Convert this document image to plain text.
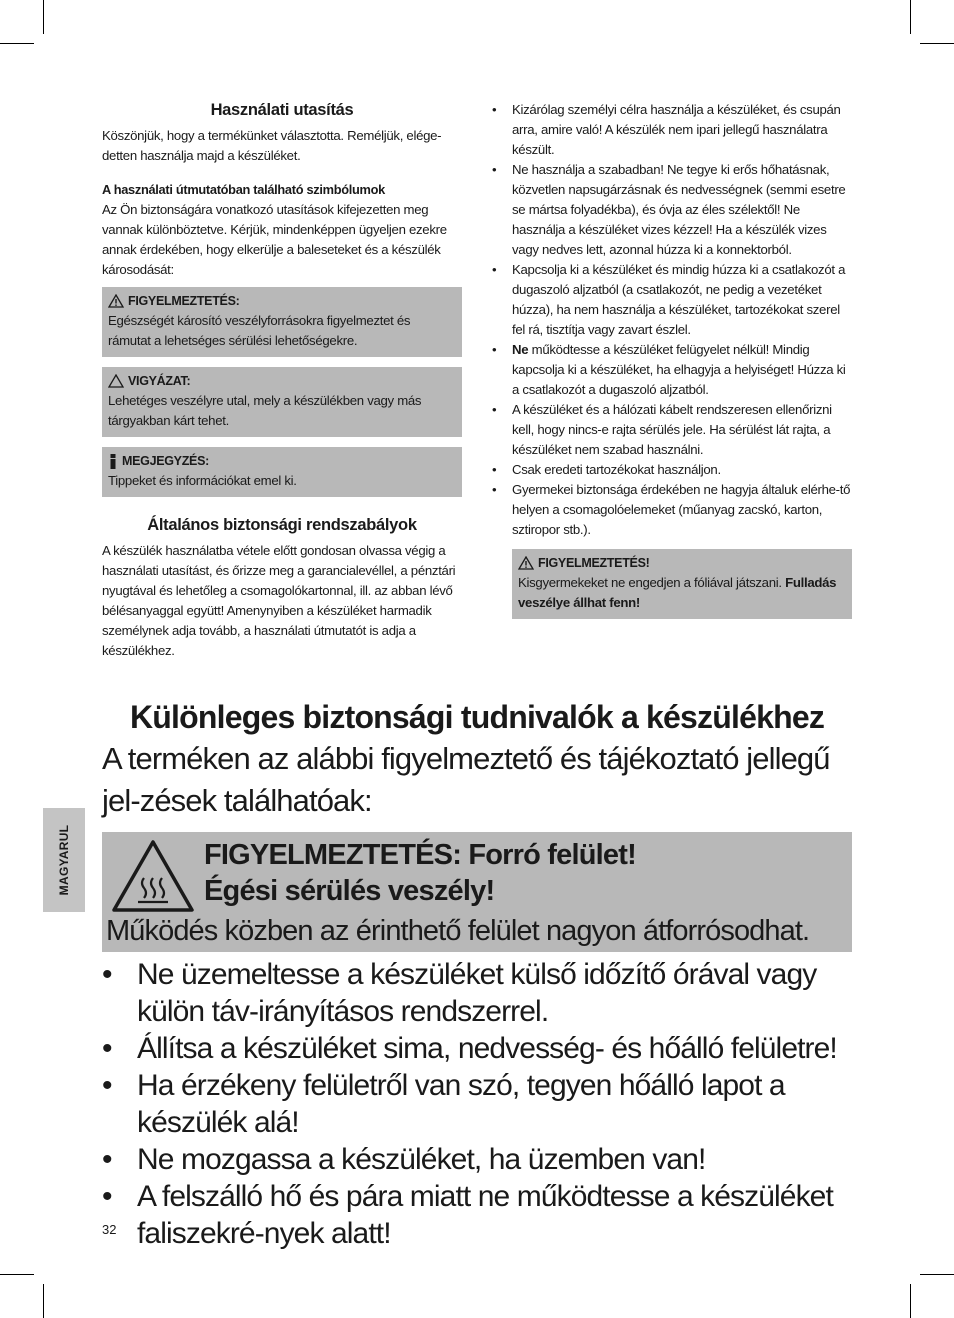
Használati utasítás

Köszönjük, hogy a termékünket választotta. Reméljük, elége-detten használja majd a készüléket.

A használati útmutatóban található szimbólumok

Az Ön biztonságára vonatkozó utasítások kifejezetten meg vannak különböztetve. Kérjük, mindenképpen ügyeljen ezekre annak érdekében, hogy elkerülje a baleseteket és a készülék károsodását:

FIGYELMEZTETÉS:

Egészségét károsító veszélyforrásokra figyelmeztet és rámutat a lehetséges sérülési lehetőségekre.

VIGYÁZAT:

Lehetéges veszélyre utal, mely a készülékben vagy más tárgyakban kárt tehet.

MEGJEGYZÉS:

Tippeket és információkat emel ki.

Általános biztonsági rendszabályok

A készülék használatba vétele előtt gondosan olvassa végig a használati utasítást, és őrizze meg a garancialevéllel, a pénztári nyugtával és lehetőleg a csomagolókartonnal, ill. az abban lévő bélésanyaggal együtt! Amenynyiben a készüléket harmadik személynek adja tovább, a használati útmutatót is adja a készülékhez.

• Kizárólag személyi célra használja a készüléket, és csupán arra, amire való! A készülék nem ipari jellegű használatra készült.
• Ne használja a szabadban! Ne tegye ki erős hőhatásnak, közvetlen napsugárzásnak és nedvességnek (semmi esetre se mártsa folyadékba), és óvja az éles szélektől! Ne használja a készüléket vizes kézzel! Ha a készülék vizes vagy nedves lett, azonnal húzza ki a konnektorból.
• Kapcsolja ki a készüléket és mindig húzza ki a csatlakozót a dugaszoló aljzatból (a csatlakozót, ne pedig a vezetéket húzza), ha nem használja a készüléket, tartozékokat szerel fel rá, tisztítja vagy zavart észlel.
• Ne működtesse a készüléket felügyelet nélkül! Mindig kapcsolja ki a készüléket, ha elhagyja a helyiséget! Húzza ki a csatlakozót a dugaszoló aljzatból.
• A készüléket és a hálózati kábelt rendszeresen ellenőrizni kell, hogy nincs-e rajta sérülés jele. Ha sérülést lát rajta, a készüléket nem szabad használni.
• Csak eredeti tartozékokat használjon.
• Gyermekei biztonsága érdekében ne hagyja általuk elérhe-tő helyen a csomagolóelemeket (műanyag zacskó, karton, sztiropor stb.).
FIGYELMEZTETÉS!

Kisgyermekeket ne engedjen a fóliával játszani. Fulladás veszélye állhat fenn!

Különleges biztonsági tudnivalók a készülékhez
A terméken az alábbi figyelmeztető és tájékoztató jellegű jel-zések találhatóak:
FIGYELMEZTETÉS: Forró felület!
Égési sérülés veszély!
Működés közben az érinthető felület nagyon átforrósodhat.
• Ne üzemeltesse a készüléket külső időzítő órával vagy külön táv-irányításos rendszerrel.
• Állítsa a készüléket sima, nedvesség- és hőálló felületre!
• Ha érzékeny felületről van szó, tegyen hőálló lapot a készülék alá!
• Ne mozgassa a készüléket, ha üzemben van!
• A felszálló hő és pára miatt ne működtesse a készüléket faliszekré-nyek alatt!
MAGYARUL
32
